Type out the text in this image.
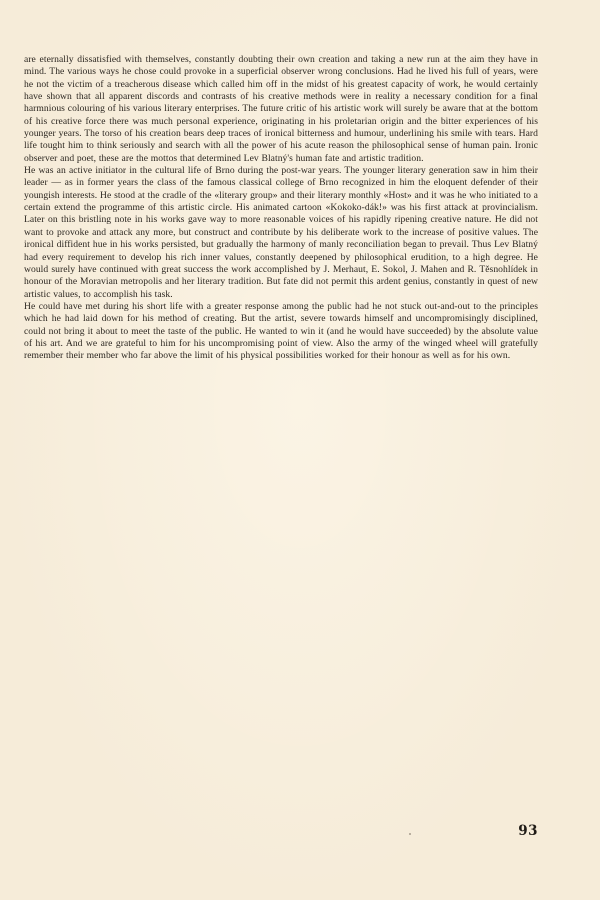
are eternally dissatisfied with themselves, constantly doubting their own creation and taking a new run at the aim they have in mind. The various ways he chose could provoke in a superficial observer wrong conclusions. Had he lived his full of years, were he not the victim of a treacherous disease which called him off in the midst of his greatest capacity of work, he would certainly have shown that all apparent discords and contrasts of his creative methods were in reality a necessary condition for a final harmnious colouring of his various literary enterprises. The future critic of his artistic work will surely be aware that at the bottom of his creative force there was much personal experience, originating in his proletarian origin and the bitter experiences of his younger years. The torso of his creation bears deep traces of ironical bitterness and humour, underlining his smile with tears. Hard life tought him to think seriously and search with all the power of his acute reason the philosophical sense of human pain. Ironic observer and poet, these are the mottos that determined Lev Blatný's human fate and artistic tradition.

He was an active initiator in the cultural life of Brno during the post-war years. The younger literary generation saw in him their leader — as in former years the class of the famous classical college of Brno recognized in him the eloquent defender of their youngish interests. He stood at the cradle of the «literary group» and their literary monthly «Host» and it was he who initiated to a certain extend the programme of this artistic circle. His animated cartoon «Kokoko-dák!» was his first attack at provincialism. Later on this bristling note in his works gave way to more reasonable voices of his rapidly ripening creative nature. He did not want to provoke and attack any more, but construct and contribute by his deliberate work to the increase of positive values. The ironical diffident hue in his works persisted, but gradually the harmony of manly reconciliation began to prevail. Thus Lev Blatný had every requirement to develop his rich inner values, constantly deepened by philosophical erudition, to a high degree. He would surely have continued with great success the work accomplished by J. Merhaut, E. Sokol, J. Mahen and R. Těsnohlídek in honour of the Moravian metropolis and her literary tradition. But fate did not permit this ardent genius, constantly in quest of new artistic values, to accomplish his task.

He could have met during his short life with a greater response among the public had he not stuck out-and-out to the principles which he had laid down for his method of creating. But the artist, severe towards himself and uncompromisingly disciplined, could not bring it about to meet the taste of the public. He wanted to win it (and he would have succeeded) by the absolute value of his art. And we are grateful to him for his uncompromising point of view. Also the army of the winged wheel will gratefully remember their member who far above the limit of his physical possibilities worked for their honour as well as for his own.

93
